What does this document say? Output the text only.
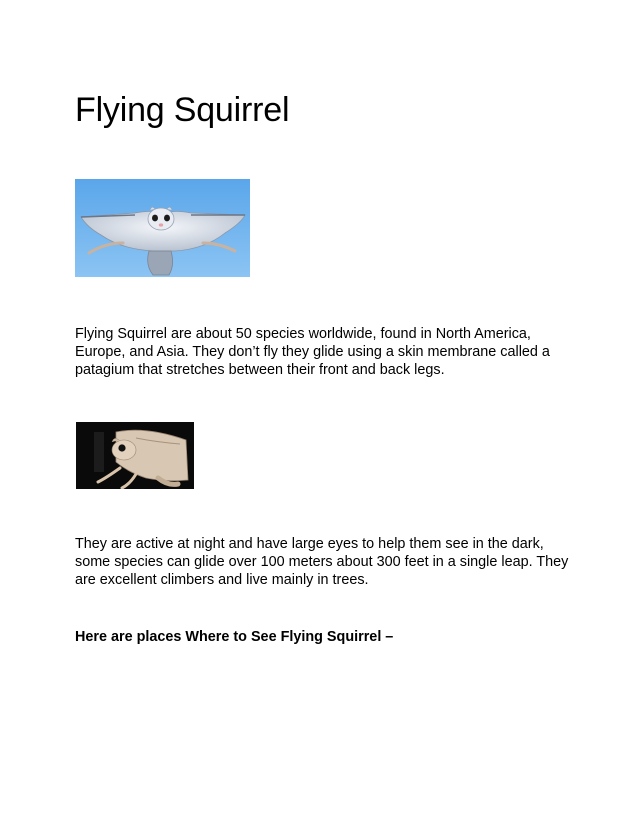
Flying Squirrel

Flying Squirrel are about 50 species worldwide, found in North America, Europe, and Asia. They don’t fly they glide using a skin membrane called a patagium that stretches between their front and back legs.

They are active at night and have large eyes to help them see in the dark, some species can glide over 100 meters about 300 feet in a single leap. They are excellent climbers and live mainly in trees.

Here are places Where to See Flying Squirrel –
